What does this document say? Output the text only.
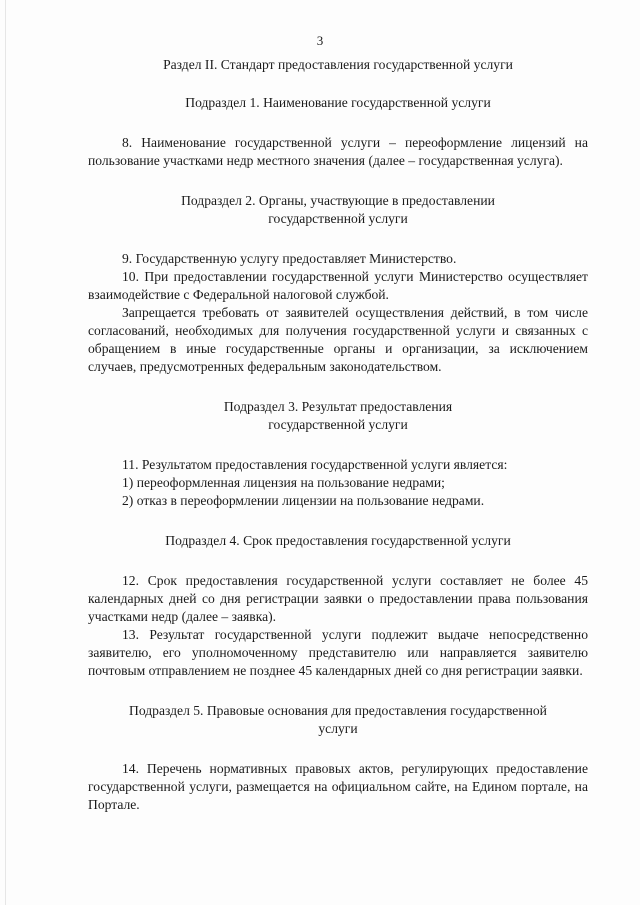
3

Раздел II. Стандарт предоставления государственной услуги

Подраздел 1. Наименование государственной услуги

8. Наименование государственной услуги – переоформление лицензий на пользование участками недр местного значения (далее – государственная услуга).

Подраздел 2. Органы, участвующие в предоставлении

государственной услуги

9. Государственную услугу предоставляет Министерство.

10. При предоставлении государственной услуги Министерство осуществляет взаимодействие с Федеральной налоговой службой.

Запрещается требовать от заявителей осуществления действий, в том числе согласований, необходимых для получения государственной услуги и связанных с обращением в иные государственные органы и организации, за исключением случаев, предусмотренных федеральным законодательством.

Подраздел 3. Результат предоставления

государственной услуги

11. Результатом предоставления государственной услуги является:

1) переоформленная лицензия на пользование недрами;

2) отказ в переоформлении лицензии на пользование недрами.

Подраздел 4. Срок предоставления государственной услуги

12. Срок предоставления государственной услуги составляет не более 45 календарных дней со дня регистрации заявки о предоставлении права пользования участками недр (далее – заявка).

13. Результат государственной услуги подлежит выдаче непосредственно заявителю, его уполномоченному представителю или направляется заявителю почтовым отправлением не позднее 45 календарных дней со дня регистрации заявки.

Подраздел 5. Правовые основания для предоставления государственной

услуги

14. Перечень нормативных правовых актов, регулирующих предоставление государственной услуги, размещается на официальном сайте, на Едином портале, на Портале.
